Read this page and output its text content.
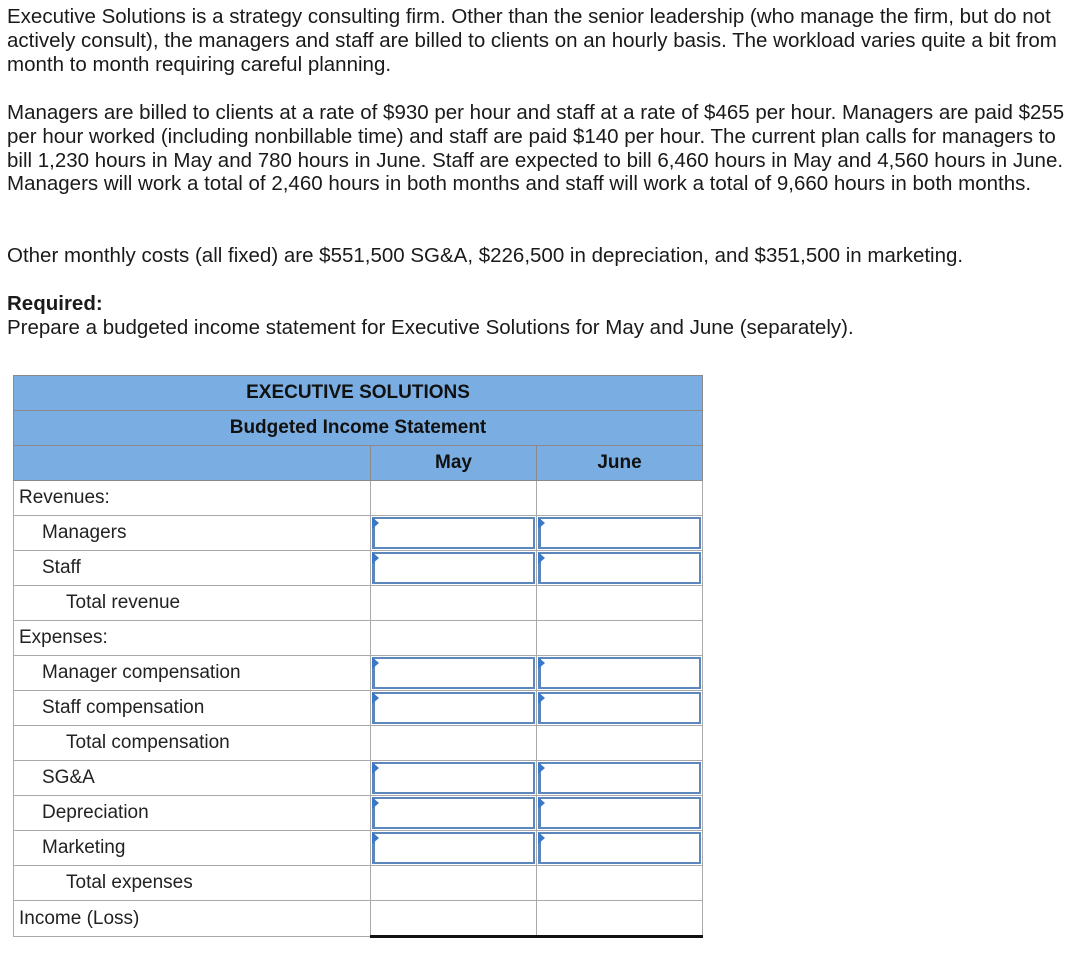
Executive Solutions is a strategy consulting firm. Other than the senior leadership (who manage the firm, but do not actively consult), the managers and staff are billed to clients on an hourly basis. The workload varies quite a bit from month to month requiring careful planning.

Managers are billed to clients at a rate of $930 per hour and staff at a rate of $465 per hour. Managers are paid $255 per hour worked (including nonbillable time) and staff are paid $140 per hour. The current plan calls for managers to bill 1,230 hours in May and 780 hours in June. Staff are expected to bill 6,460 hours in May and 4,560 hours in June. Managers will work a total of 2,460 hours in both months and staff will work a total of 9,660 hours in both months.

Other monthly costs (all fixed) are $551,500 SG&A, $226,500 in depreciation, and $351,500 in marketing.

Required:

Prepare a budgeted income statement for Executive Solutions for May and June (separately).

EXECUTIVE SOLUTIONS		
Budgeted Income Statement		
	May	June
Revenues:		
Managers	

Staff	

Total revenue		
Expenses:		
Manager compensation	

Staff compensation	

Total compensation		
SG&A	

Depreciation	

Marketing	

Total expenses		
Income (Loss)		
